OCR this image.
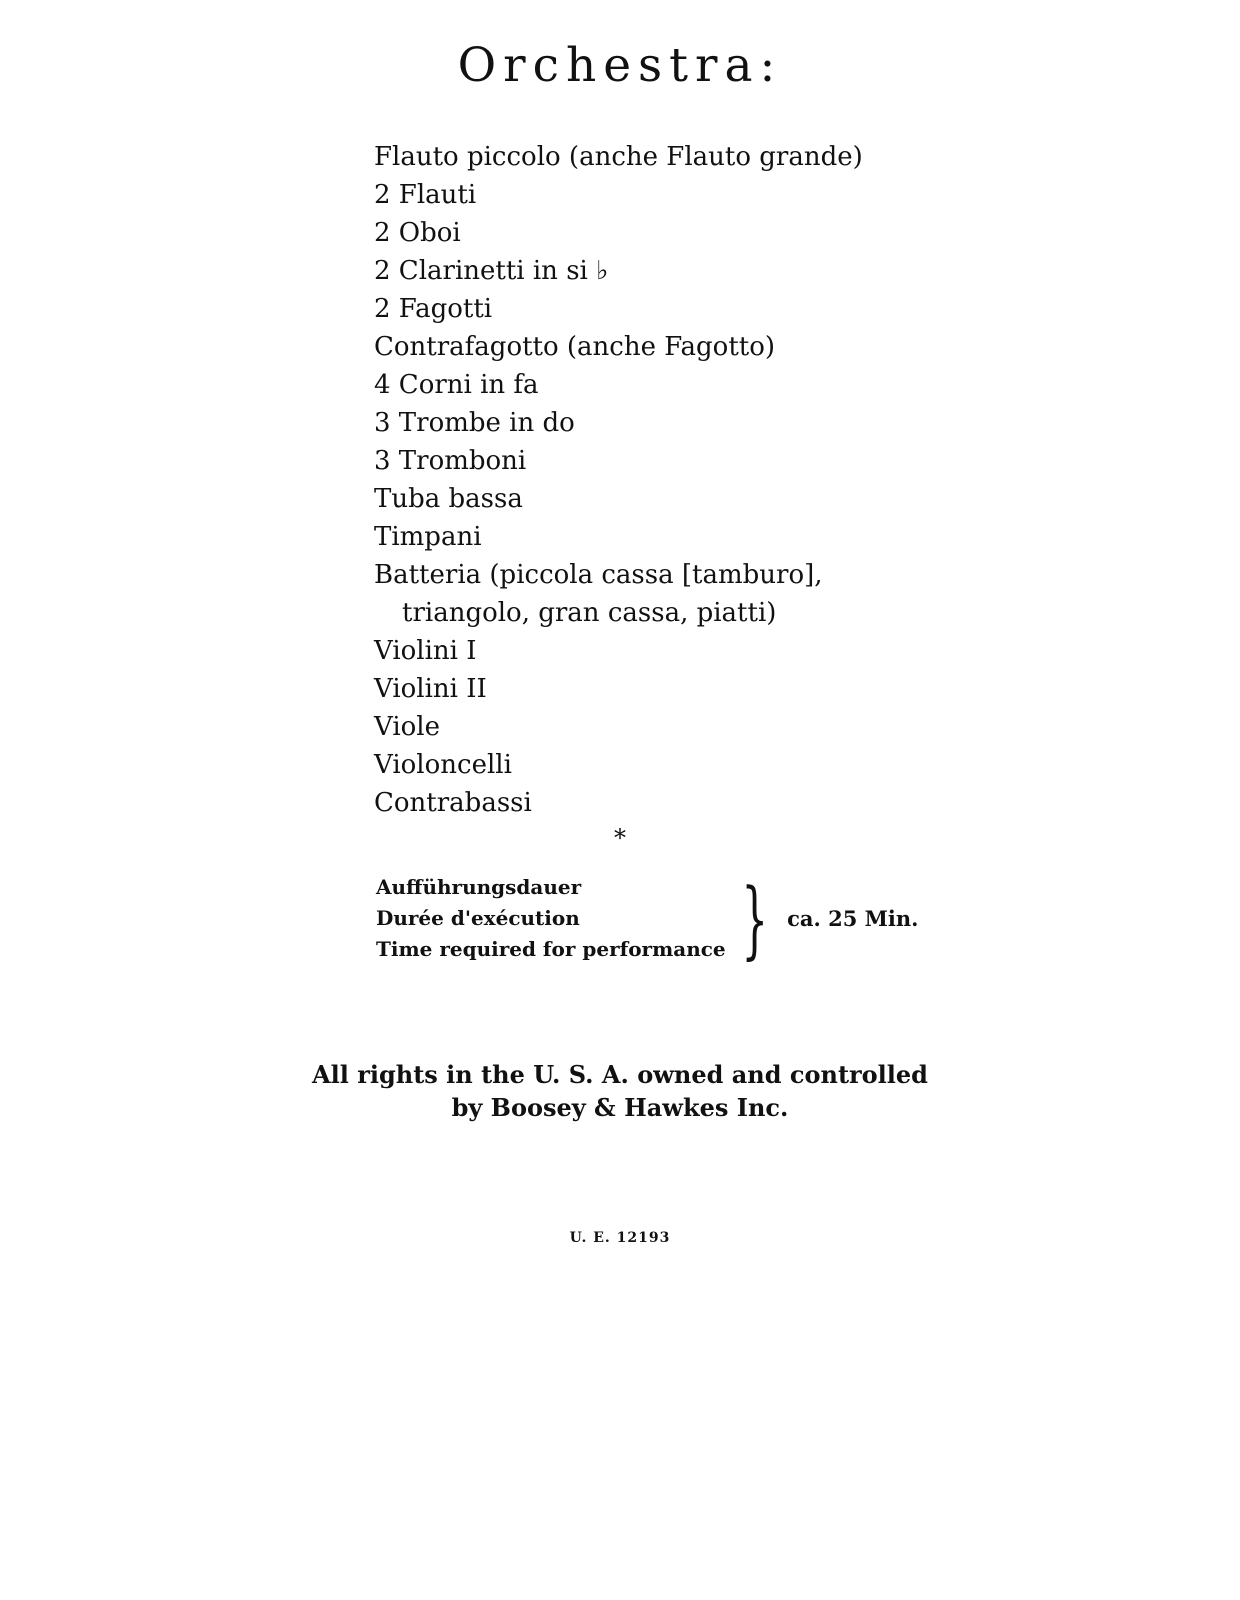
Orchestra:
Flauto piccolo (anche Flauto grande)
2 Flauti
2 Oboi
2 Clarinetti in si ♭
2 Fagotti
Contrafagotto (anche Fagotto)
4 Corni in fa
3 Trombe in do
3 Tromboni
Tuba bassa
Timpani
Batteria (piccola cassa [tamburo],
triangolo, gran cassa, piatti)
Violini I
Violini II
Viole
Violoncelli
Contrabassi
*
Aufführungsdauer
Durée d'exécution
Time required for performance } ca. 25 Min.
All rights in the U. S. A. owned and controlled
by Boosey & Hawkes Inc.
U. E. 12193
